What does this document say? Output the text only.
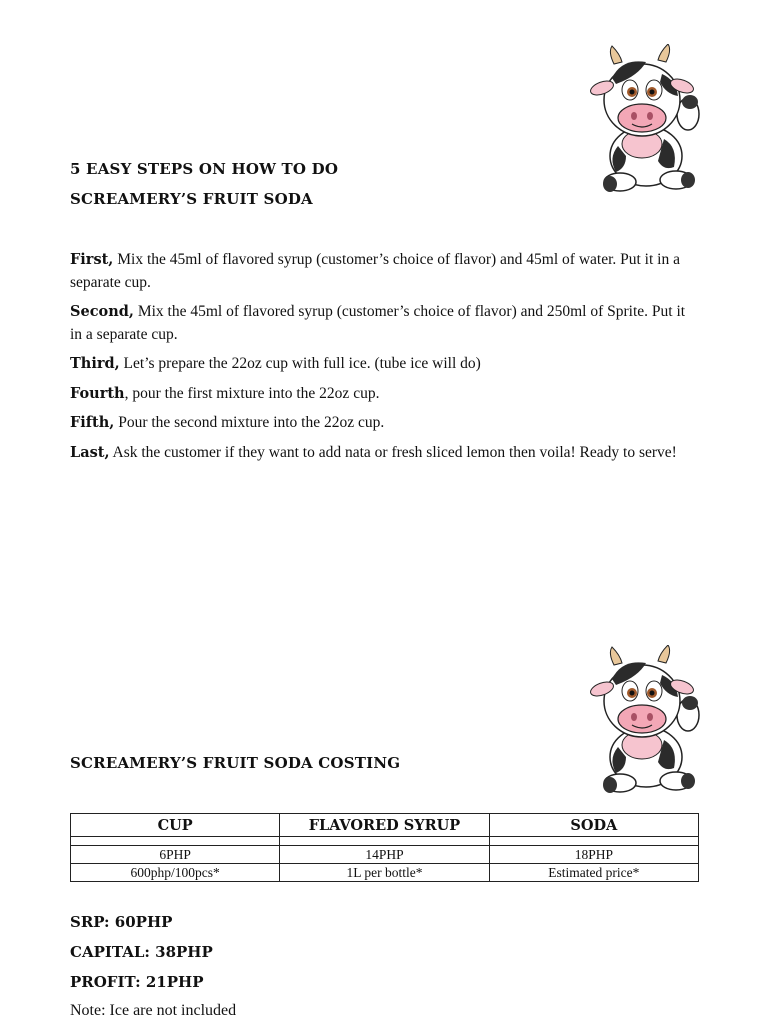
5 EASY STEPS ON HOW TO DO
SCREAMERY’S FRUIT SODA
First, Mix the 45ml of flavored syrup (customer’s choice of flavor) and 45ml of water. Put it in a separate cup.
Second, Mix the 45ml of flavored syrup (customer’s choice of flavor) and 250ml of Sprite. Put it in a separate cup.
Third, Let’s prepare the 22oz cup with full ice. (tube ice will do)
Fourth, pour the first mixture into the 22oz cup.
Fifth, Pour the second mixture into the 22oz cup.
Last, Ask the customer if they want to add nata or fresh sliced lemon then voila! Ready to serve!
SCREAMERY’S FRUIT SODA COSTING
CUP	FLAVORED SYRUP	SODA

6PHP	14PHP	18PHP
600php/100pcs*	1L per bottle*	Estimated price*
SRP: 60PHP
CAPITAL: 38PHP
PROFIT: 21PHP
Note: Ice are not included
